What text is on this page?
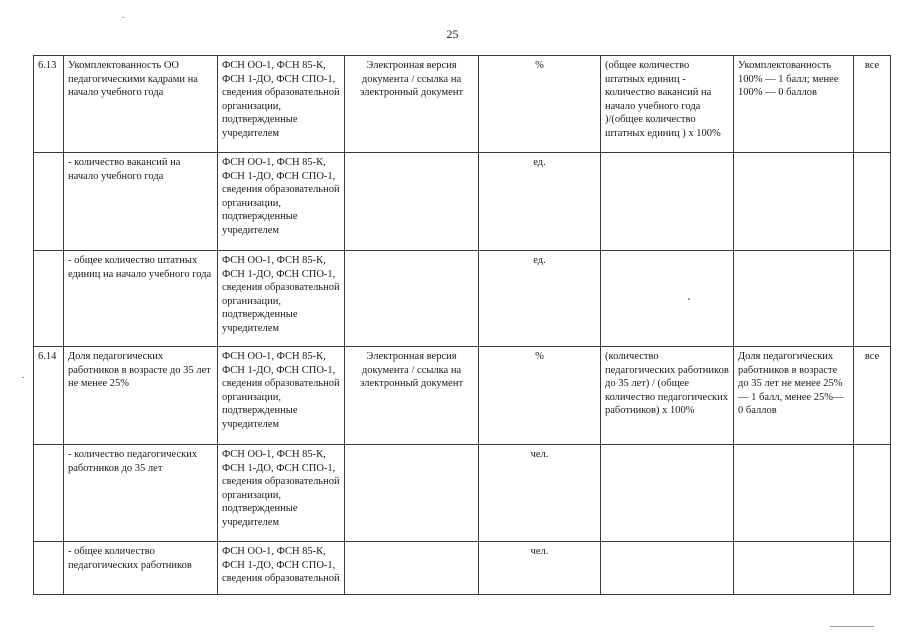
25
6.13	Укомплектованность ОО педагогическими кадрами на начало учебного года	ФСН ОО-1, ФСН 85-К, ФСН 1-ДО, ФСН СПО-1, сведения образовательной организации, подтвержденные учредителем	Электронная версия документа / ссылка на электронный документ	%	(общее количество штатных единиц - количество вакансий на начало учебного года )/(общее количество штатных единиц ) х 100%	Укомплектованность 100% — 1 балл; менее 100% — 0 баллов	все
	- количество вакансий на начало учебного года	ФСН ОО-1, ФСН 85-К, ФСН 1-ДО, ФСН СПО-1, сведения образовательной организации, подтвержденные учредителем		ед.			
	- общее количество штатных единиц на начало учебного года	ФСН ОО-1, ФСН 85-К, ФСН 1-ДО, ФСН СПО-1, сведения образовательной организации, подтвержденные учредителем		ед.			
6.14	Доля педагогических работников в возрасте до 35 лет не менее 25%	ФСН ОО-1, ФСН 85-К, ФСН 1-ДО, ФСН СПО-1, сведения образовательной организации, подтвержденные учредителем	Электронная версия документа / ссылка на электронный документ	%	(количество педагогических работников до 35 лет) / (общее количество педагогических работников) х 100%	Доля педагогических работников в возрасте до 35 лет не менее 25% — 1 балл, менее 25%— 0 баллов	все
	- количество педагогических работников до 35 лет	ФСН ОО-1, ФСН 85-К, ФСН 1-ДО, ФСН СПО-1, сведения образовательной организации, подтвержденные учредителем		чел.			
	- общее количество педагогических работников	ФСН ОО-1, ФСН 85-К, ФСН 1-ДО, ФСН СПО-1, сведения образовательной		чел.			
